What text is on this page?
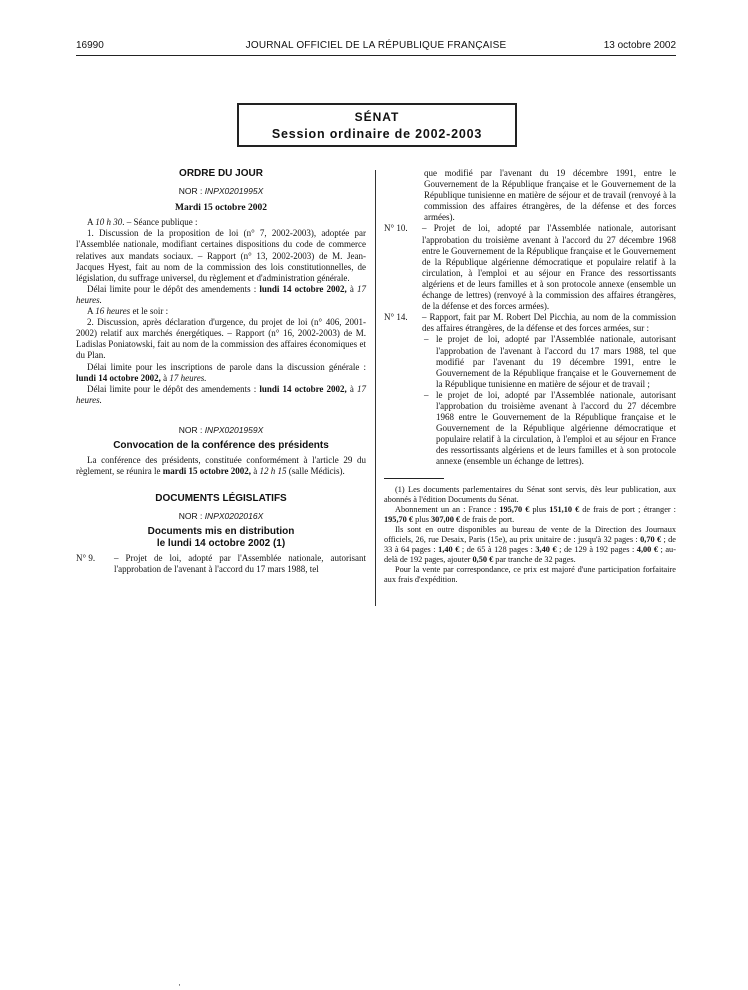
16990	JOURNAL OFFICIEL DE LA RÉPUBLIQUE FRANÇAISE	13 octobre 2002
SÉNAT
Session ordinaire de 2002-2003
ORDRE DU JOUR
NOR : INPX0201995X
Mardi 15 octobre 2002

A 10 h 30. – Séance publique :

1. Discussion de la proposition de loi (n° 7, 2002-2003), adoptée par l'Assemblée nationale, modifiant certaines dispositions du code de commerce relatives aux mandats sociaux. – Rapport (n° 13, 2002-2003) de M. Jean-Jacques Hyest, fait au nom de la commission des lois constitutionnelles, de législation, du suffrage universel, du règlement et d'administration générale.

Délai limite pour le dépôt des amendements : lundi 14 octobre 2002, à 17 heures.

A 16 heures et le soir :

2. Discussion, après déclaration d'urgence, du projet de loi (n° 406, 2001-2002) relatif aux marchés énergétiques. – Rapport (n° 16, 2002-2003) de M. Ladislas Poniatowski, fait au nom de la commission des affaires économiques et du Plan.

Délai limite pour les inscriptions de parole dans la discussion générale : lundi 14 octobre 2002, à 17 heures.

Délai limite pour le dépôt des amendements : lundi 14 octobre 2002, à 17 heures.

NOR : INPX0201959X
Convocation de la conférence des présidents

La conférence des présidents, constituée conformément à l'article 29 du règlement, se réunira le mardi 15 octobre 2002, à 12 h 15 (salle Médicis).

DOCUMENTS LÉGISLATIFS
NOR : INPX0202016X
Documents mis en distribution
le lundi 14 octobre 2002 (1)
N° 9.	– Projet de loi, adopté par l'Assemblée nationale, autorisant l'approbation de l'avenant à l'accord du 17 mars 1988, tel

que modifié par l'avenant du 19 décembre 1991, entre le Gouvernement de la République française et le Gouvernement de la République tunisienne en matière de séjour et de travail (renvoyé à la commission des affaires étrangères, de la défense et des forces armées).

N° 10.	– Projet de loi, adopté par l'Assemblée nationale, autorisant l'approbation du troisième avenant à l'accord du 27 décembre 1968 entre le Gouvernement de la République française et le Gouvernement de la République algérienne démocratique et populaire relatif à la circulation, à l'emploi et au séjour en France des ressortissants algériens et de leurs familles et à son protocole annexe (ensemble un échange de lettres) (renvoyé à la commission des affaires étrangères, de la défense et des forces armées).
N° 14.	– Rapport, fait par M. Robert Del Picchia, au nom de la commission des affaires étrangères, de la défense et des forces armées, sur :
– le projet de loi, adopté par l'Assemblée nationale, autorisant l'approbation de l'avenant à l'accord du 17 mars 1988, tel que modifié par l'avenant du 19 décembre 1991, entre le Gouvernement de la République française et le Gouvernement de la République tunisienne en matière de séjour et de travail ;
– le projet de loi, adopté par l'Assemblée nationale, autorisant l'approbation du troisième avenant à l'accord du 27 décembre 1968 entre le Gouvernement de la République française et le Gouvernement de la République algérienne démocratique et populaire relatif à la circulation, à l'emploi et au séjour en France des ressortissants algériens et de leurs familles et à son protocole annexe (ensemble un échange de lettres).

(1) Les documents parlementaires du Sénat sont servis, dès leur publication, aux abonnés à l'édition Documents du Sénat.

Abonnement un an : France : 195,70 € plus 151,10 € de frais de port ; étranger : 195,70 € plus 307,00 € de frais de port.

Ils sont en outre disponibles au bureau de vente de la Direction des Journaux officiels, 26, rue Desaix, Paris (15e), au prix unitaire de : jusqu'à 32 pages : 0,70 € ; de 33 à 64 pages : 1,40 € ; de 65 à 128 pages : 3,40 € ; de 129 à 192 pages : 4,00 € ; au-delà de 192 pages, ajouter 0,50 € par tranche de 32 pages.

Pour la vente par correspondance, ce prix est majoré d'une participation forfaitaire aux frais d'expédition.

·
